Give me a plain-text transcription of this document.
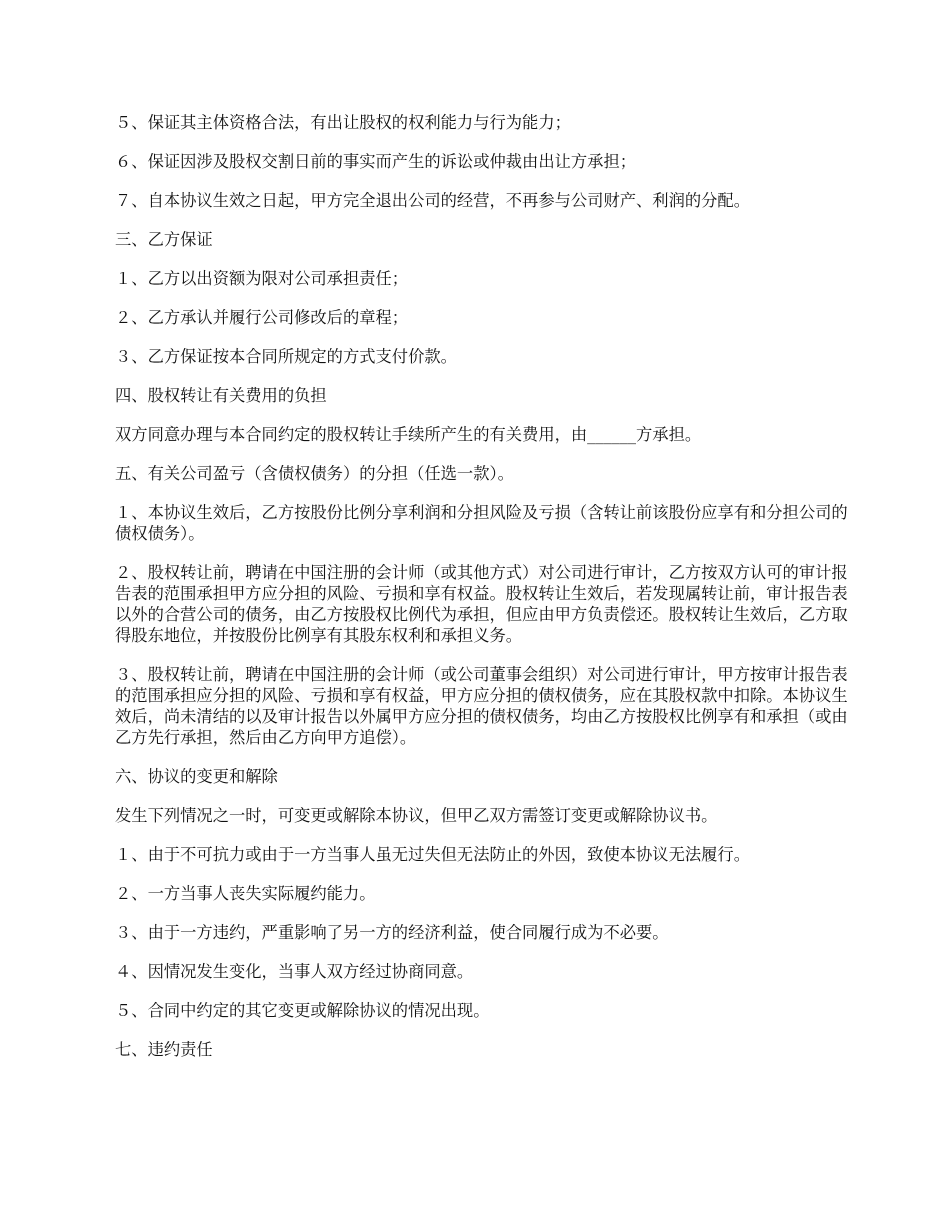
５、保证其主体资格合法，有出让股权的权利能力与行为能力；

６、保证因涉及股权交割日前的事实而产生的诉讼或仲裁由出让方承担；

７、自本协议生效之日起，甲方完全退出公司的经营，不再参与公司财产、利润的分配。

三、乙方保证

１、乙方以出资额为限对公司承担责任；

２、乙方承认并履行公司修改后的章程；

３、乙方保证按本合同所规定的方式支付价款。

四、股权转让有关费用的负担

双方同意办理与本合同约定的股权转让手续所产生的有关费用，由______方承担。

五、有关公司盈亏（含债权债务）的分担（任选一款）。

１、本协议生效后，乙方按股份比例分享利润和分担风险及亏损（含转让前该股份应享有和分担公司的债权债务）。

２、股权转让前，聘请在中国注册的会计师（或其他方式）对公司进行审计，乙方按双方认可的审计报告表的范围承担甲方应分担的风险、亏损和享有权益。股权转让生效后，若发现属转让前，审计报告表以外的合营公司的债务，由乙方按股权比例代为承担，但应由甲方负责偿还。股权转让生效后，乙方取得股东地位，并按股份比例享有其股东权利和承担义务。

３、股权转让前，聘请在中国注册的会计师（或公司董事会组织）对公司进行审计，甲方按审计报告表的范围承担应分担的风险、亏损和享有权益，甲方应分担的债权债务，应在其股权款中扣除。本协议生效后，尚未清结的以及审计报告以外属甲方应分担的债权债务，均由乙方按股权比例享有和承担（或由乙方先行承担，然后由乙方向甲方追偿）。

六、协议的变更和解除

发生下列情况之一时，可变更或解除本协议，但甲乙双方需签订变更或解除协议书。

１、由于不可抗力或由于一方当事人虽无过失但无法防止的外因，致使本协议无法履行。

２、一方当事人丧失实际履约能力。

３、由于一方违约，严重影响了另一方的经济利益，使合同履行成为不必要。

４、因情况发生变化，当事人双方经过协商同意。

５、合同中约定的其它变更或解除协议的情况出现。

七、违约责任
